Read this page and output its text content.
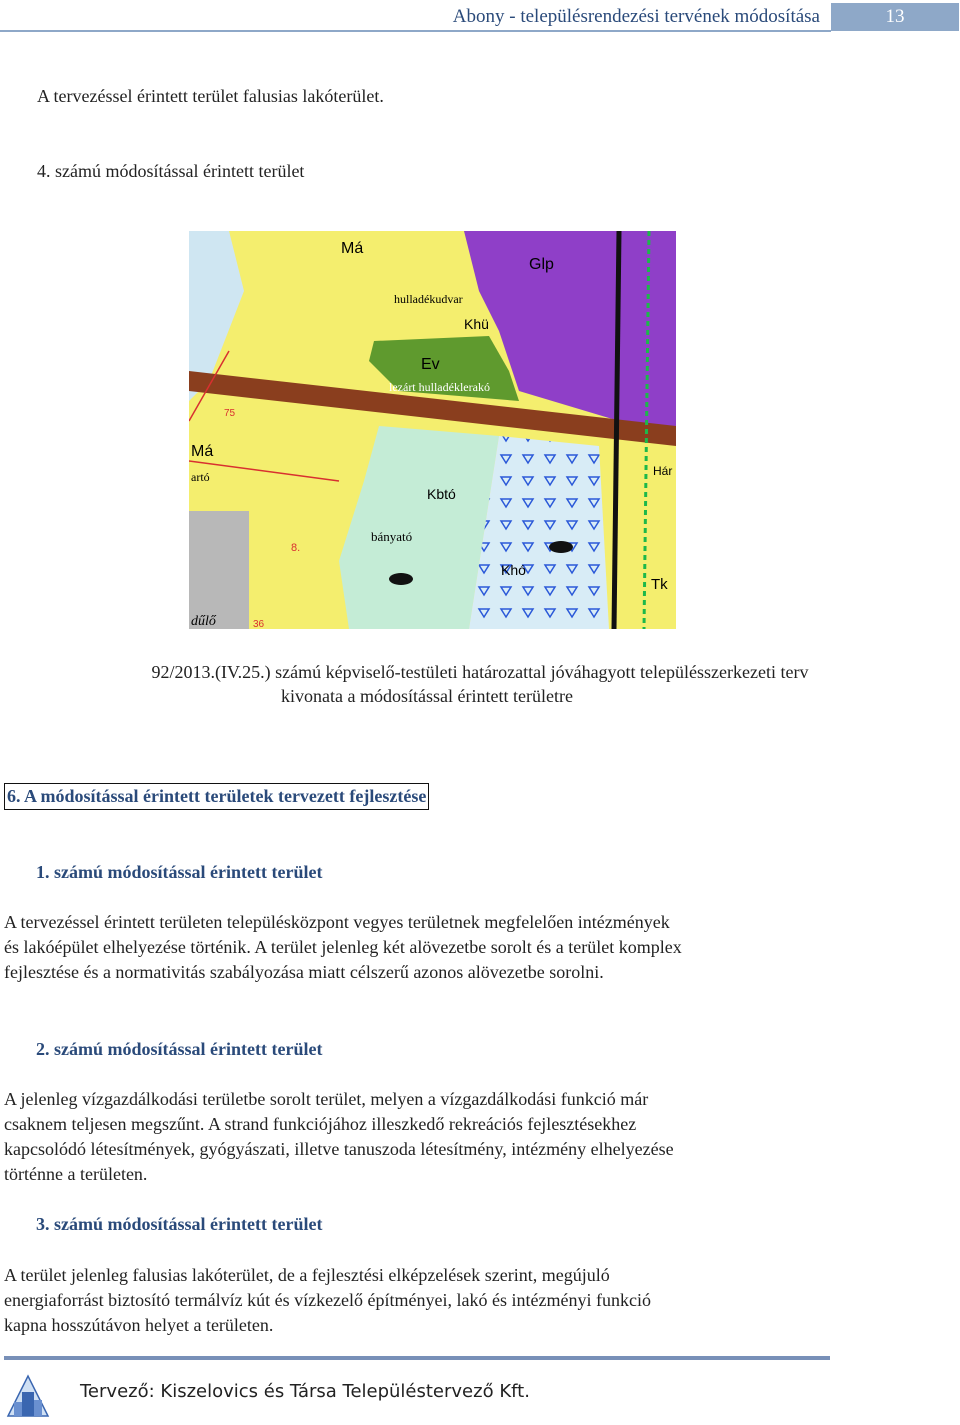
Abony - településrendezési tervének módosítása	13
A tervezéssel érintett terület falusias lakóterület.
4. számú módosítással érintett terület
Má
Glp
hulladékudvar
Khü
Ev
lezárt hulladéklerakó
75
Má
artó
Kbtó
bányató
8.
Khó
Tk
Hár
36
dűlő
92/2013.(IV.25.) számú képviselő-testületi határozattal jóváhagyott településszerkezeti terv
kivonata a módosítással érintett területre
6. A módosítással érintett területek tervezett fejlesztése
1. számú módosítással érintett terület
A tervezéssel érintett területen településközpont vegyes területnek megfelelően intézmények
és lakóépület elhelyezése történik. A terület jelenleg két alövezetbe sorolt és a terület komplex
fejlesztése és a normativitás szabályozása miatt célszerű azonos alövezetbe sorolni.
2. számú módosítással érintett terület
A jelenleg vízgazdálkodási területbe sorolt terület, melyen a vízgazdálkodási funkció már
csaknem teljesen megszűnt. A strand funkciójához illeszkedő rekreációs fejlesztésekhez
kapcsolódó létesítmények, gyógyászati, illetve tanuszoda létesítmény, intézmény elhelyezése
történne a területen.
3. számú módosítással érintett terület
A terület jelenleg falusias lakóterület, de a fejlesztési elképzelések szerint, megújuló
energiaforrást biztosító termálvíz kút és vízkezelő építményei, lakó és intézményi funkció
kapna hosszútávon helyet a területen.
Tervező: Kiszelovics és Társa Településtervező Kft.
